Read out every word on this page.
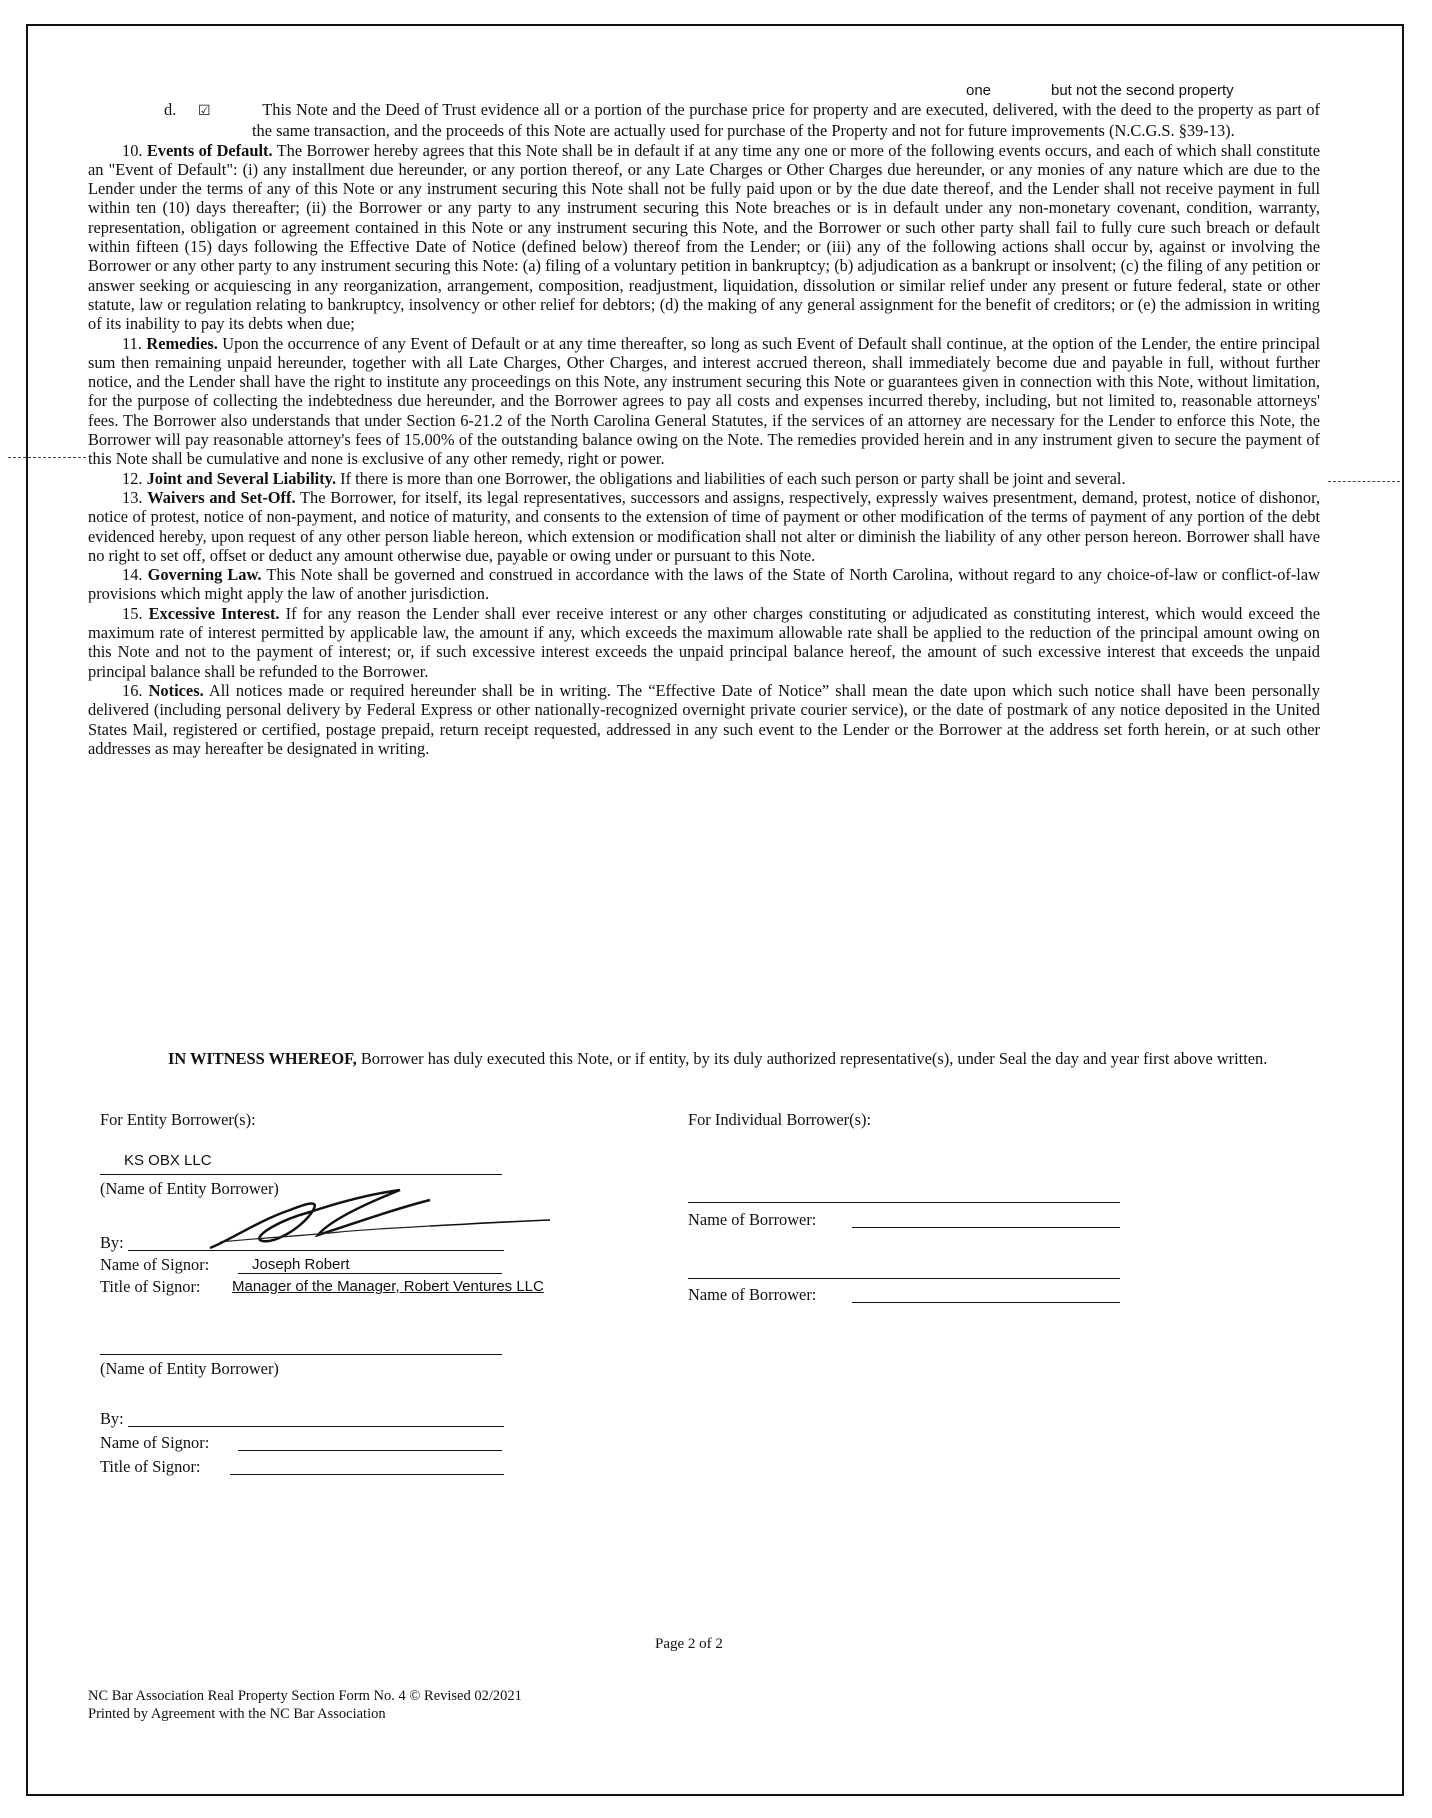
one	but not the second property

d. ☑	This Note and the Deed of Trust evidence all or a portion of the purchase price for property and are executed, delivered, with the deed to the property as part of the same transaction, and the proceeds of this Note are actually used for purchase of the Property and not for future improvements (N.C.G.S. §39-13).

10. Events of Default. The Borrower hereby agrees that this Note shall be in default if at any time any one or more of the following events occurs, and each of which shall constitute an "Event of Default": (i) any installment due hereunder, or any portion thereof, or any Late Charges or Other Charges due hereunder, or any monies of any nature which are due to the Lender under the terms of any of this Note or any instrument securing this Note shall not be fully paid upon or by the due date thereof, and the Lender shall not receive payment in full within ten (10) days thereafter; (ii) the Borrower or any party to any instrument securing this Note breaches or is in default under any non-monetary covenant, condition, warranty, representation, obligation or agreement contained in this Note or any instrument securing this Note, and the Borrower or such other party shall fail to fully cure such breach or default within fifteen (15) days following the Effective Date of Notice (defined below) thereof from the Lender; or (iii) any of the following actions shall occur by, against or involving the Borrower or any other party to any instrument securing this Note: (a) filing of a voluntary petition in bankruptcy; (b) adjudication as a bankrupt or insolvent; (c) the filing of any petition or answer seeking or acquiescing in any reorganization, arrangement, composition, readjustment, liquidation, dissolution or similar relief under any present or future federal, state or other statute, law or regulation relating to bankruptcy, insolvency or other relief for debtors; (d) the making of any general assignment for the benefit of creditors; or (e) the admission in writing of its inability to pay its debts when due;

11. Remedies. Upon the occurrence of any Event of Default or at any time thereafter, so long as such Event of Default shall continue, at the option of the Lender, the entire principal sum then remaining unpaid hereunder, together with all Late Charges, Other Charges, and interest accrued thereon, shall immediately become due and payable in full, without further notice, and the Lender shall have the right to institute any proceedings on this Note, any instrument securing this Note or guarantees given in connection with this Note, without limitation, for the purpose of collecting the indebtedness due hereunder, and the Borrower agrees to pay all costs and expenses incurred thereby, including, but not limited to, reasonable attorneys' fees. The Borrower also understands that under Section 6-21.2 of the North Carolina General Statutes, if the services of an attorney are necessary for the Lender to enforce this Note, the Borrower will pay reasonable attorney's fees of 15.00% of the outstanding balance owing on the Note. The remedies provided herein and in any instrument given to secure the payment of this Note shall be cumulative and none is exclusive of any other remedy, right or power.

12. Joint and Several Liability. If there is more than one Borrower, the obligations and liabilities of each such person or party shall be joint and several.

13. Waivers and Set-Off. The Borrower, for itself, its legal representatives, successors and assigns, respectively, expressly waives presentment, demand, protest, notice of dishonor, notice of protest, notice of non-payment, and notice of maturity, and consents to the extension of time of payment or other modification of the terms of payment of any portion of the debt evidenced hereby, upon request of any other person liable hereon, which extension or modification shall not alter or diminish the liability of any other person hereon. Borrower shall have no right to set off, offset or deduct any amount otherwise due, payable or owing under or pursuant to this Note.

14. Governing Law. This Note shall be governed and construed in accordance with the laws of the State of North Carolina, without regard to any choice-of-law or conflict-of-law provisions which might apply the law of another jurisdiction.

15. Excessive Interest. If for any reason the Lender shall ever receive interest or any other charges constituting or adjudicated as constituting interest, which would exceed the maximum rate of interest permitted by applicable law, the amount if any, which exceeds the maximum allowable rate shall be applied to the reduction of the principal amount owing on this Note and not to the payment of interest; or, if such excessive interest exceeds the unpaid principal balance hereof, the amount of such excessive interest that exceeds the unpaid principal balance shall be refunded to the Borrower.

16. Notices. All notices made or required hereunder shall be in writing. The “Effective Date of Notice” shall mean the date upon which such notice shall have been personally delivered (including personal delivery by Federal Express or other nationally-recognized overnight private courier service), or the date of postmark of any notice deposited in the United States Mail, registered or certified, postage prepaid, return receipt requested, addressed in any such event to the Lender or the Borrower at the address set forth herein, or at such other addresses as may hereafter be designated in writing.

IN WITNESS WHEREOF, Borrower has duly executed this Note, or if entity, by its duly authorized representative(s), under Seal the day and year first above written.
For Entity Borrower(s):
KS OBX LLC
(Name of Entity Borrower)
By:
Name of Signor:	Joseph Robert
Title of Signor: Manager of the Manager, Robert Ventures LLC
(Name of Entity Borrower)
By:
Name of Signor:
Title of Signor:
For Individual Borrower(s):
Name of Borrower:
Name of Borrower:
Page 2 of 2
NC Bar Association Real Property Section Form No. 4 © Revised 02/2021
Printed by Agreement with the NC Bar Association
